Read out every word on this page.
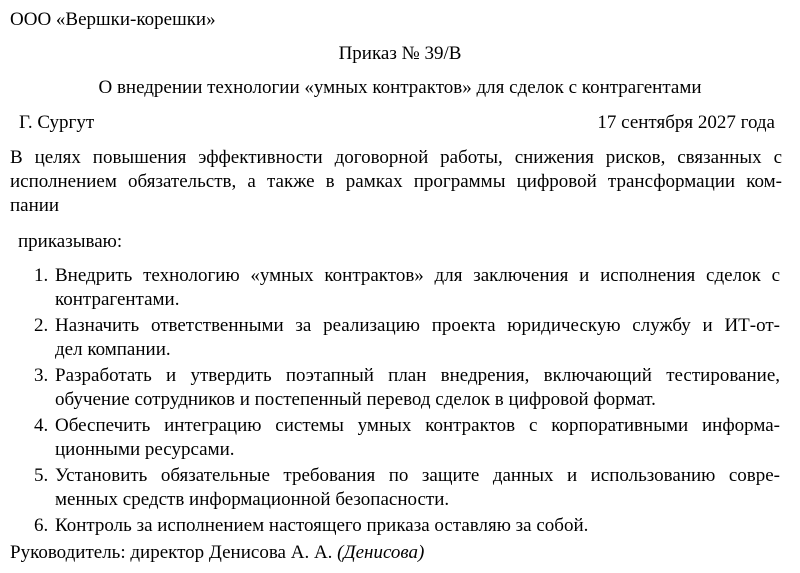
ООО «Вершки-корешки»
Приказ № 39/В
О внедрении технологии «умных контрактов» для сделок с контрагентами
Г. Сургут	17 сентября 2027 года
В целях повышения эффективности договорной работы, снижения рисков, связанных с
исполнением обязательств, а также в рамках программы цифровой трансформации ком-
пании
приказываю:
1. Внедрить технологию «умных контрактов» для заключения и исполнения сделок с
контрагентами.
2. Назначить ответственными за реализацию проекта юридическую службу и ИТ-от-
дел компании.
3. Разработать и утвердить поэтапный план внедрения, включающий тестирование,
обучение сотрудников и постепенный перевод сделок в цифровой формат.
4. Обеспечить интеграцию системы умных контрактов с корпоративными информа-
ционными ресурсами.
5. Установить обязательные требования по защите данных и использованию совре-
менных средств информационной безопасности.
6. Контроль за исполнением настоящего приказа оставляю за собой.
Руководитель: директор Денисова А. А. (Денисова)
